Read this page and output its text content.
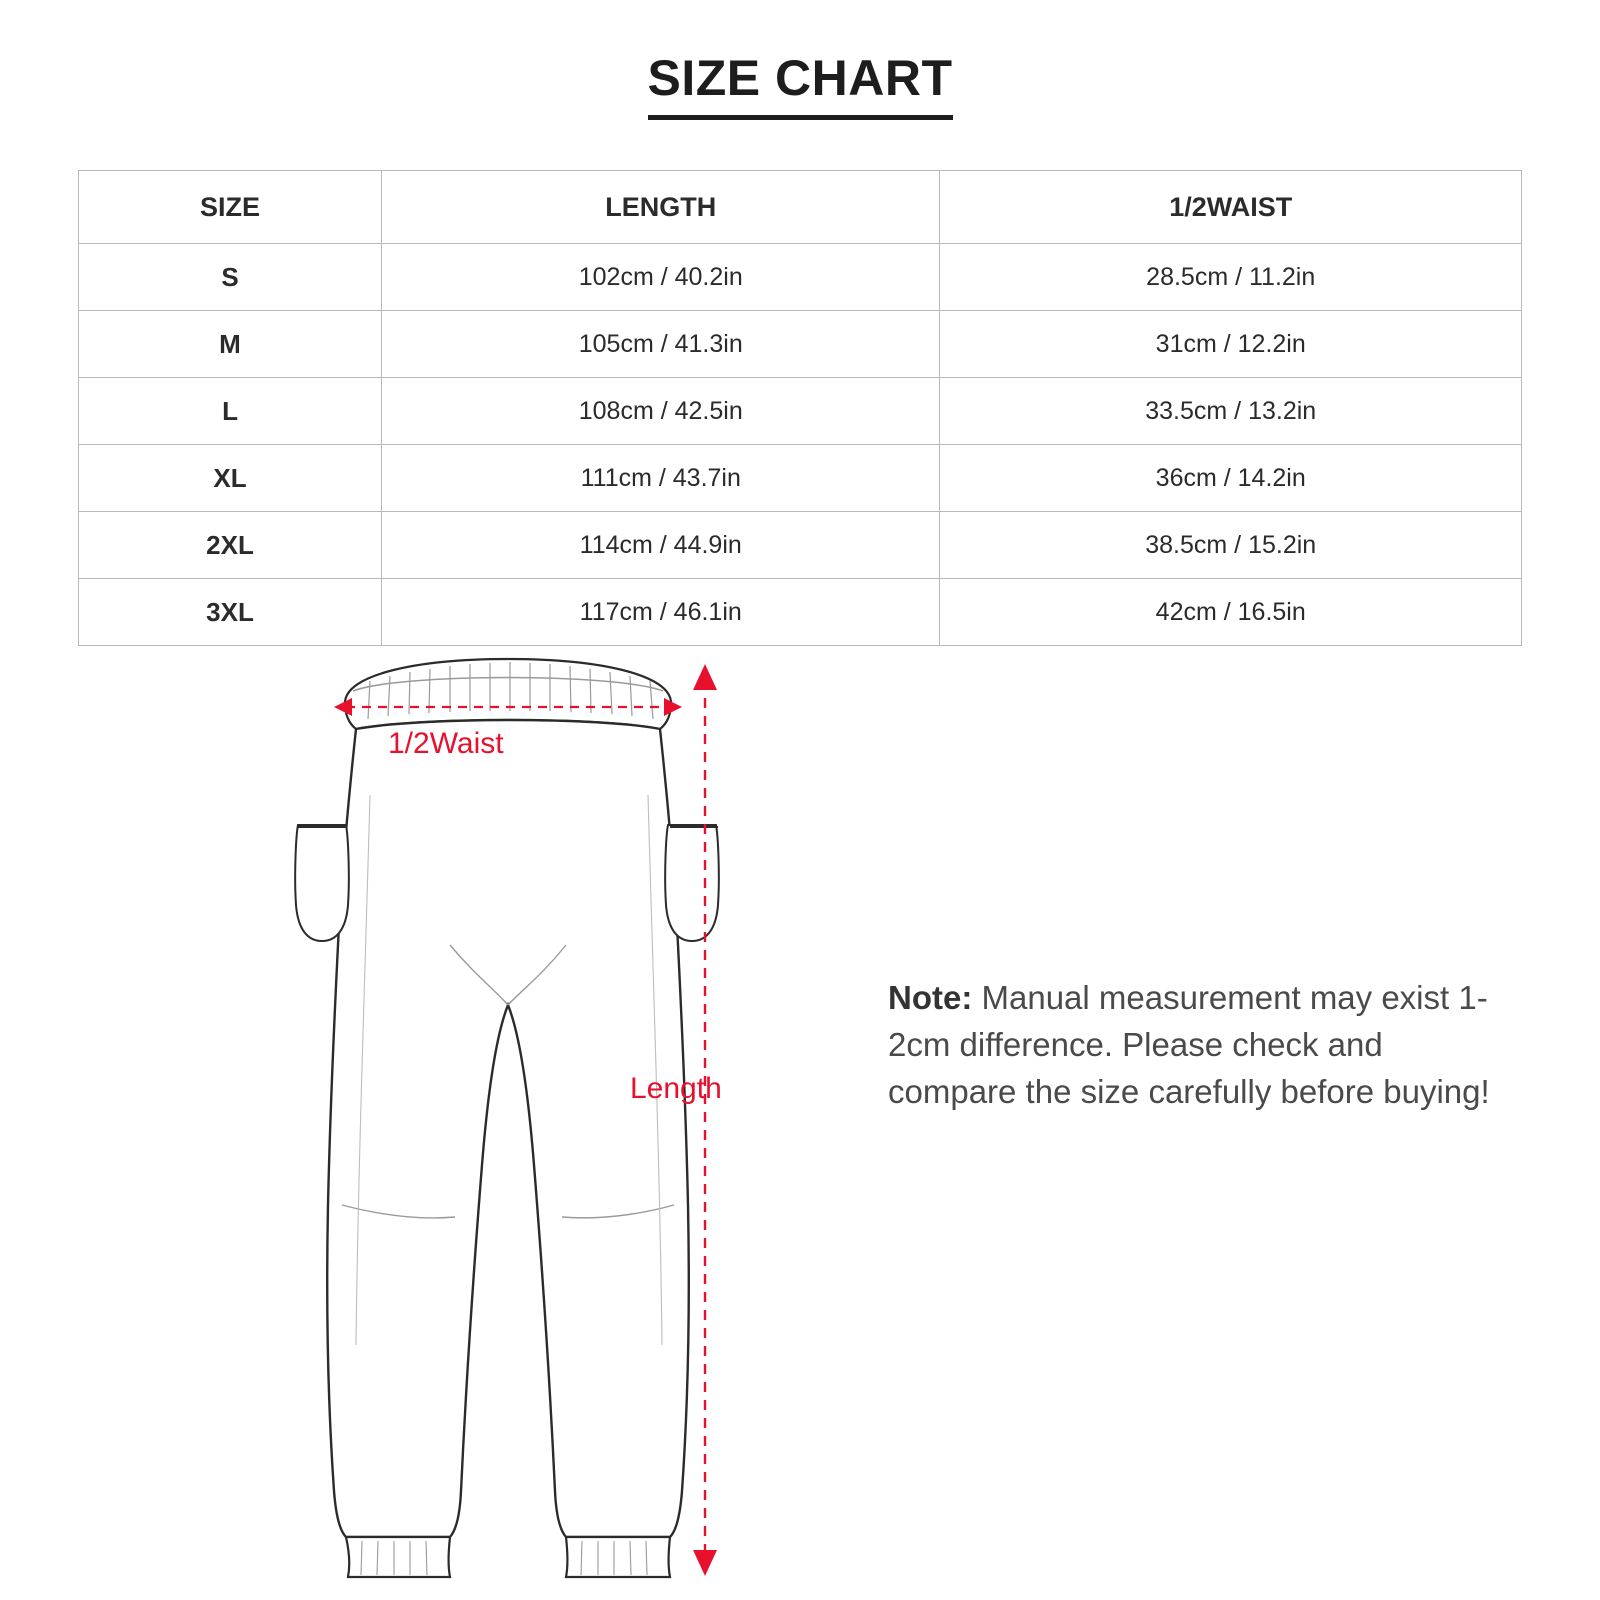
SIZE CHART
SIZE	LENGTH	1/2WAIST
S	102cm / 40.2in	28.5cm / 11.2in
M	105cm / 41.3in	31cm / 12.2in
L	108cm / 42.5in	33.5cm / 13.2in
XL	111cm / 43.7in	36cm / 14.2in
2XL	114cm / 44.9in	38.5cm / 15.2in
3XL	117cm / 46.1in	42cm / 16.5in
1/2Waist
Length
Note: Manual measurement may exist 1-2cm difference. Please check and compare the size carefully before buying!
